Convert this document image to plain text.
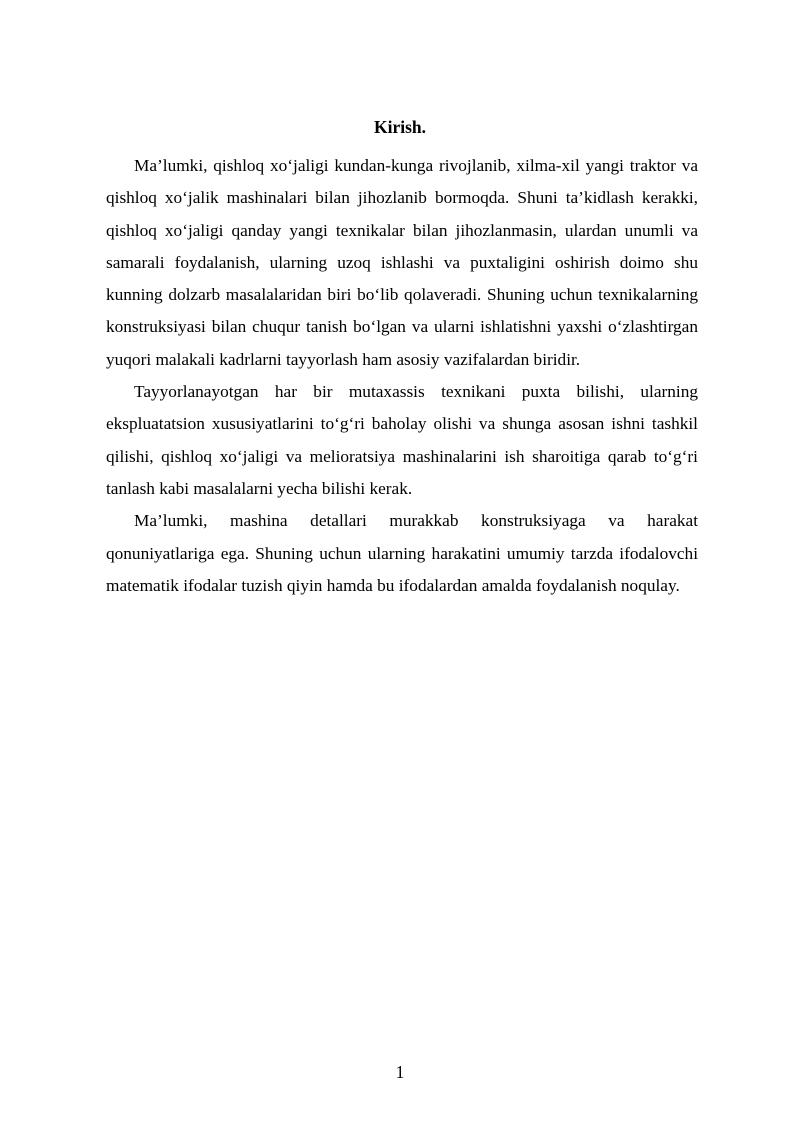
Kirish.

Ma’lumki, qishloq xo‘jaligi kundan-kunga rivojlanib, xilma-xil yangi traktor va qishloq xo‘jalik mashinalari bilan jihozlanib bormoqda. Shuni ta’kidlash kerakki, qishloq xo‘jaligi qanday yangi texnikalar bilan jihozlanmasin, ulardan unumli va samarali foydalanish, ularning uzoq ishlashi va puxtaligini oshirish doimo shu kunning dolzarb masalalaridan biri bo‘lib qolaveradi. Shuning uchun texnikalarning konstruksiyasi bilan chuqur tanish bo‘lgan va ularni ishlatishni yaxshi o‘zlashtirgan yuqori malakali kadrlarni tayyorlash ham asosiy vazifalardan biridir.

Tayyorlanayotgan har bir mutaxassis texnikani puxta bilishi, ularning ekspluatatsion xususiyatlarini to‘g‘ri baholay olishi va shunga asosan ishni tashkil qilishi, qishloq xo‘jaligi va melioratsiya mashinalarini ish sharoitiga qarab to‘g‘ri tanlash kabi masalalarni yecha bilishi kerak.

Ma’lumki, mashina detallari murakkab konstruksiyaga va harakat qonuniyatlariga ega. Shuning uchun ularning harakatini umumiy tarzda ifodalovchi matematik ifodalar tuzish qiyin hamda bu ifodalardan amalda foydalanish noqulay.

1
